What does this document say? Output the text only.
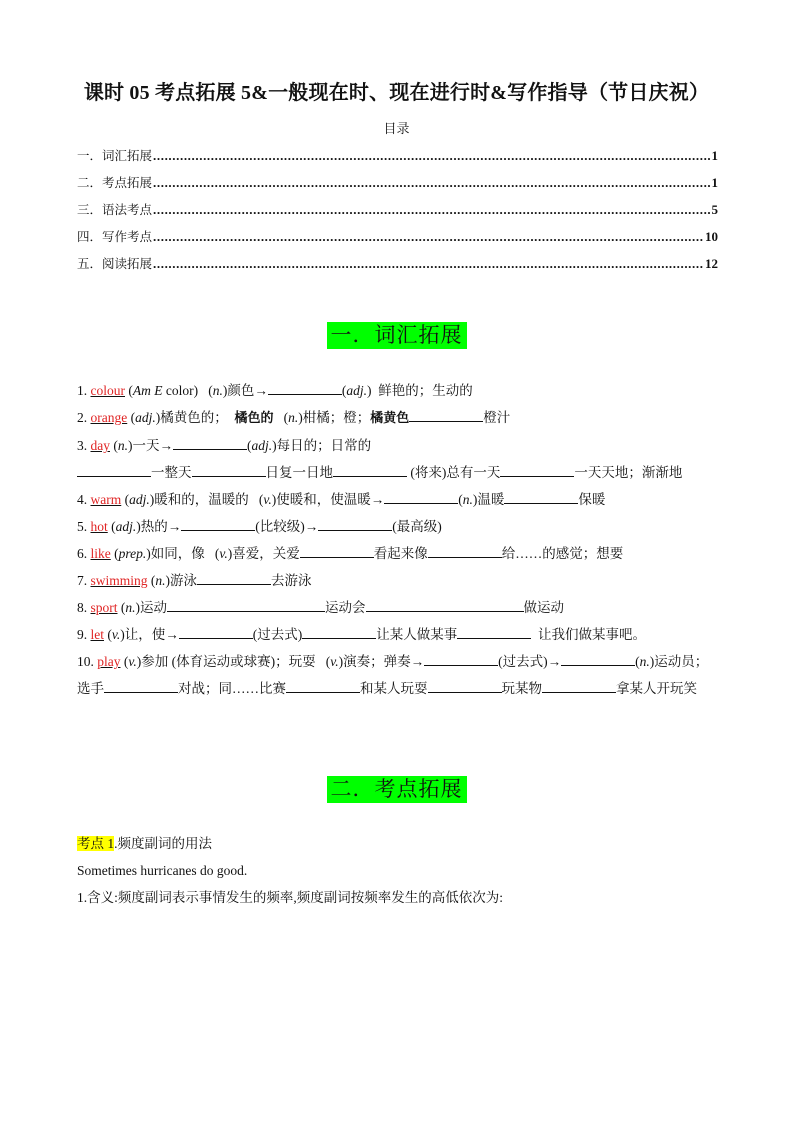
课时 05 考点拓展 5&一般现在时、现在进行时&写作指导（节日庆祝）
目录
一．词汇拓展 .....	1
二．考点拓展 .....	1
三．语法考点 .....	5
四．写作考点 .....	10
五．阅读拓展 .....	12
一．词汇拓展
1. colour (Am E color)   (n.)颜色→	(adj.)  鲜艳的；生动的
2. orange (adj.)橘黄色的；  橘色的   (n.)柑橘；橙；橘黄色	橙汁
3. day (n.)一天→	(adj.)每日的；日常的
一整天	日复一日地	(将来)总有一天	一天天地；渐渐地
4. warm (adj.)暖和的，温暖的   (v.)使暖和，使温暖→	(n.)温暖	保暖
5. hot (adj.)热的→	(比较级)→	(最高级)
6. like (prep.)如同，像   (v.)喜爱，关爱	看起来像	给……的感觉；想要
7. swimming (n.)游泳	去游泳
8. sport (n.)运动	运动会	做运动
9. let (v.)让，使→	(过去式)	让某人做某事	让我们做某事吧。
10. play (v.)参加 (体育运动或球赛)；玩耍   (v.)演奏；弹奏→	(过去式)→	(n.)运动员；选手	对战；同……比赛	和某人玩耍	玩某物	拿某人开玩笑
二．考点拓展
考点 1.频度副词的用法
Sometimes hurricanes do good.
1.含义:频度副词表示事情发生的频率,频度副词按频率发生的高低依次为:
